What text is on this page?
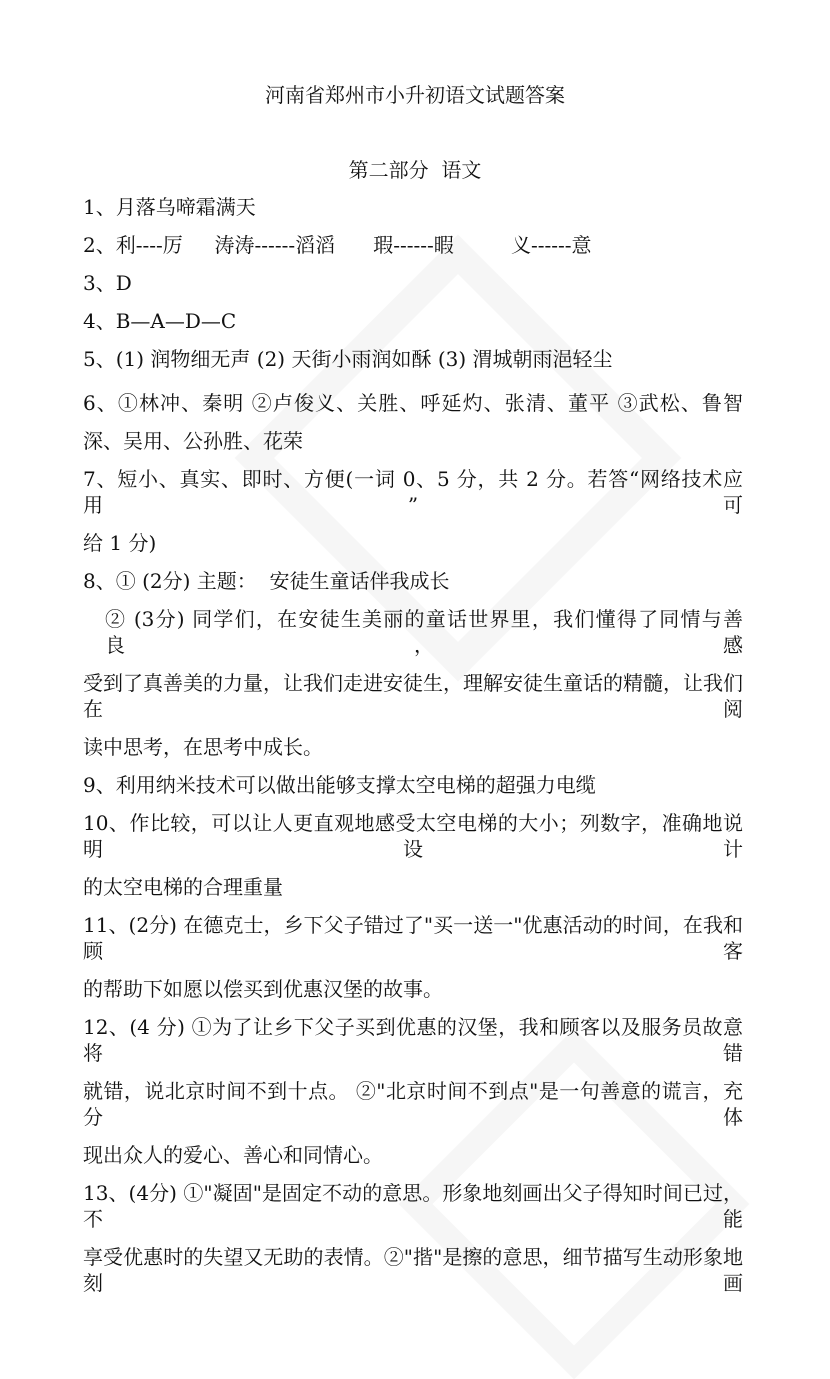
河南省郑州市小升初语文试题答案
第二部分  语文
1、月落乌啼霜满天
2、利----厉     涛涛------滔滔      瑕------暇         义------意
3、D
4、B—A—D—C
5、(1) 润物细无声 (2) 天街小雨润如酥 (3) 渭城朝雨浥轻尘
6、①林冲、秦明 ②卢俊义、关胜、呼延灼、张清、董平 ③武松、鲁智
深、吴用、公孙胜、花荣
7、短小、真实、即时、方便(一词 0、5 分，共 2 分。若答“网络技术应用”可
给 1 分)
8、① (2分) 主题：  安徒生童话伴我成长
② (3分) 同学们，在安徒生美丽的童话世界里，我们懂得了同情与善良，感
受到了真善美的力量，让我们走进安徒生，理解安徒生童话的精髓，让我们在阅
读中思考，在思考中成长。
9、利用纳米技术可以做出能够支撑太空电梯的超强力电缆
10、作比较，可以让人更直观地感受太空电梯的大小；列数字，准确地说明设计
的太空电梯的合理重量
11、(2分) 在德克士，乡下父子错过了"买一送一"优惠活动的时间，在我和顾客
的帮助下如愿以偿买到优惠汉堡的故事。
12、(4 分) ①为了让乡下父子买到优惠的汉堡，我和顾客以及服务员故意将错
就错，说北京时间不到十点。 ②"北京时间不到点"是一句善意的谎言，充分体
现出众人的爱心、善心和同情心。
13、(4分) ①"凝固"是固定不动的意思。形象地刻画出父子得知时间已过，不能
享受优惠时的失望又无助的表情。②"揩"是擦的意思，细节描写生动形象地刻画
